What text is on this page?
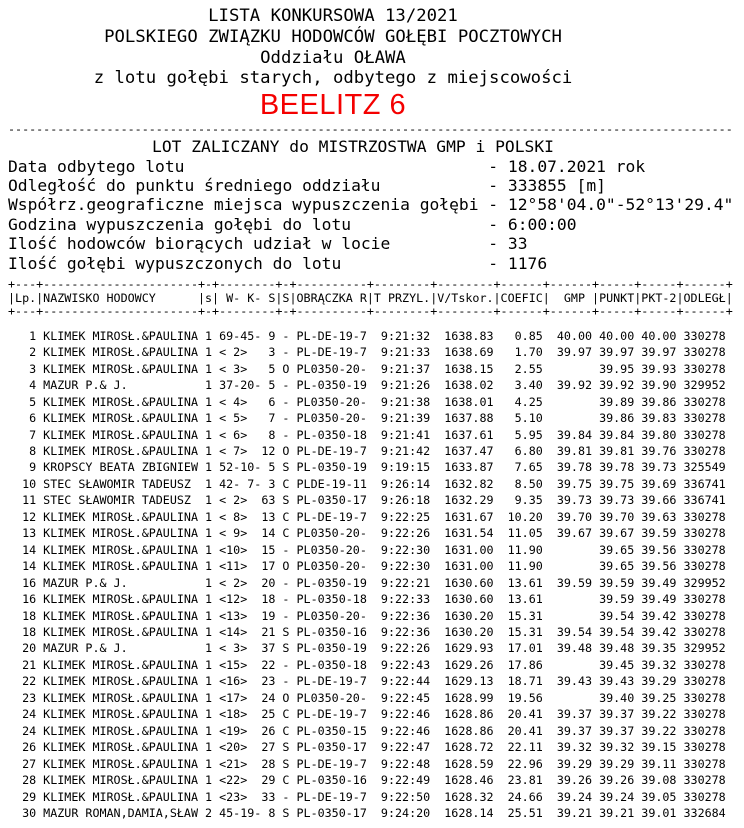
LISTA KONKURSOWA 13/2021
POLSKIEGO ZWIĄZKU HODOWCÓW GOŁĘBI POCZTOWYCH
Oddziału OŁAWA
z lotu gołębi starych, odbytego z miejscowości
BEELITZ 6
-------------------------------------------------------------------------------------------------------
LOT ZALICZANY do MISTRZOSTWA GMP i POLSKI
Data odbytego lotu                               - 18.07.2021 rok
Odległość do punktu średniego oddziału           - 333855 [m]
Współrz.geograficzne miejsca wypuszczenia gołębi - 12°58'04.0"-52°13'29.4"
Godzina wypuszczenia gołębi do lotu              - 6:00:00
Ilość hodowców biorących udział w locie          - 33
Ilość gołębi wypuszczonych do lotu               - 1176
+---+----------------------+-+--------+-+----------+--------+--------+------+------+-----+-----+------+
|Lp.|NAZWISKO HODOWCY      |s| W- K- S|S|OBRĄCZKA R|T PRZYL.|V/Tskor.|COEFIC|  GMP |PUNKT|PKT-2|ODLEGŁ|
+---+----------------------+-+--------+-+----------+--------+--------+------+------+-----+-----+------+
1 KLIMEK MIROSŁ.&PAULINA 1 69-45- 9 - PL-DE-19-7  9:21:32  1638.83   0.85  40.00 40.00 40.00 330278
2 KLIMEK MIROSŁ.&PAULINA 1 < 2>   3 - PL-DE-19-7  9:21:33  1638.69   1.70  39.97 39.97 39.97 330278
3 KLIMEK MIROSŁ.&PAULINA 1 < 3>   5 O PL0350-20-  9:21:37  1638.15   2.55        39.95 39.93 330278
4 MAZUR P.& J.           1 37-20- 5 - PL-0350-19  9:21:26  1638.02   3.40  39.92 39.92 39.90 329952
5 KLIMEK MIROSŁ.&PAULINA 1 < 4>   6 - PL0350-20-  9:21:38  1638.01   4.25        39.89 39.86 330278
6 KLIMEK MIROSŁ.&PAULINA 1 < 5>   7 - PL0350-20-  9:21:39  1637.88   5.10        39.86 39.83 330278
7 KLIMEK MIROSŁ.&PAULINA 1 < 6>   8 - PL-0350-18  9:21:41  1637.61   5.95  39.84 39.84 39.80 330278
8 KLIMEK MIROSŁ.&PAULINA 1 < 7>  12 O PL-DE-19-7  9:21:42  1637.47   6.80  39.81 39.81 39.76 330278
9 KROPSCY BEATA ZBIGNIEW 1 52-10- 5 S PL-0350-19  9:19:15  1633.87   7.65  39.78 39.78 39.73 325549
10 STEC SŁAWOMIR TADEUSZ  1 42- 7- 3 C PLDE-19-11  9:26:14  1632.82   8.50  39.75 39.75 39.69 336741
11 STEC SŁAWOMIR TADEUSZ  1 < 2>  63 S PL-0350-17  9:26:18  1632.29   9.35  39.73 39.73 39.66 336741
12 KLIMEK MIROSŁ.&PAULINA 1 < 8>  13 C PL-DE-19-7  9:22:25  1631.67  10.20  39.70 39.70 39.63 330278
13 KLIMEK MIROSŁ.&PAULINA 1 < 9>  14 C PL0350-20-  9:22:26  1631.54  11.05  39.67 39.67 39.59 330278
14 KLIMEK MIROSŁ.&PAULINA 1 <10>  15 - PL0350-20-  9:22:30  1631.00  11.90        39.65 39.56 330278
14 KLIMEK MIROSŁ.&PAULINA 1 <11>  17 O PL0350-20-  9:22:30  1631.00  11.90        39.65 39.56 330278
16 MAZUR P.& J.           1 < 2>  20 - PL-0350-19  9:22:21  1630.60  13.61  39.59 39.59 39.49 329952
16 KLIMEK MIROSŁ.&PAULINA 1 <12>  18 - PL-0350-18  9:22:33  1630.60  13.61        39.59 39.49 330278
18 KLIMEK MIROSŁ.&PAULINA 1 <13>  19 - PL0350-20-  9:22:36  1630.20  15.31        39.54 39.42 330278
18 KLIMEK MIROSŁ.&PAULINA 1 <14>  21 S PL-0350-16  9:22:36  1630.20  15.31  39.54 39.54 39.42 330278
20 MAZUR P.& J.           1 < 3>  37 S PL-0350-19  9:22:26  1629.93  17.01  39.48 39.48 39.35 329952
21 KLIMEK MIROSŁ.&PAULINA 1 <15>  22 - PL-0350-18  9:22:43  1629.26  17.86        39.45 39.32 330278
22 KLIMEK MIROSŁ.&PAULINA 1 <16>  23 - PL-DE-19-7  9:22:44  1629.13  18.71  39.43 39.43 39.29 330278
23 KLIMEK MIROSŁ.&PAULINA 1 <17>  24 O PL0350-20-  9:22:45  1628.99  19.56        39.40 39.25 330278
24 KLIMEK MIROSŁ.&PAULINA 1 <18>  25 C PL-DE-19-7  9:22:46  1628.86  20.41  39.37 39.37 39.22 330278
24 KLIMEK MIROSŁ.&PAULINA 1 <19>  26 C PL-0350-15  9:22:46  1628.86  20.41  39.37 39.37 39.22 330278
26 KLIMEK MIROSŁ.&PAULINA 1 <20>  27 S PL-0350-17  9:22:47  1628.72  22.11  39.32 39.32 39.15 330278
27 KLIMEK MIROSŁ.&PAULINA 1 <21>  28 S PL-DE-19-7  9:22:48  1628.59  22.96  39.29 39.29 39.11 330278
28 KLIMEK MIROSŁ.&PAULINA 1 <22>  29 C PL-0350-16  9:22:49  1628.46  23.81  39.26 39.26 39.08 330278
29 KLIMEK MIROSŁ.&PAULINA 1 <23>  33 - PL-DE-19-7  9:22:50  1628.32  24.66  39.24 39.24 39.05 330278
30 MAZUR ROMAN,DAMIA,SŁAW 2 45-19- 8 S PL-0350-17  9:24:20  1628.14  25.51  39.21 39.21 39.01 332684
